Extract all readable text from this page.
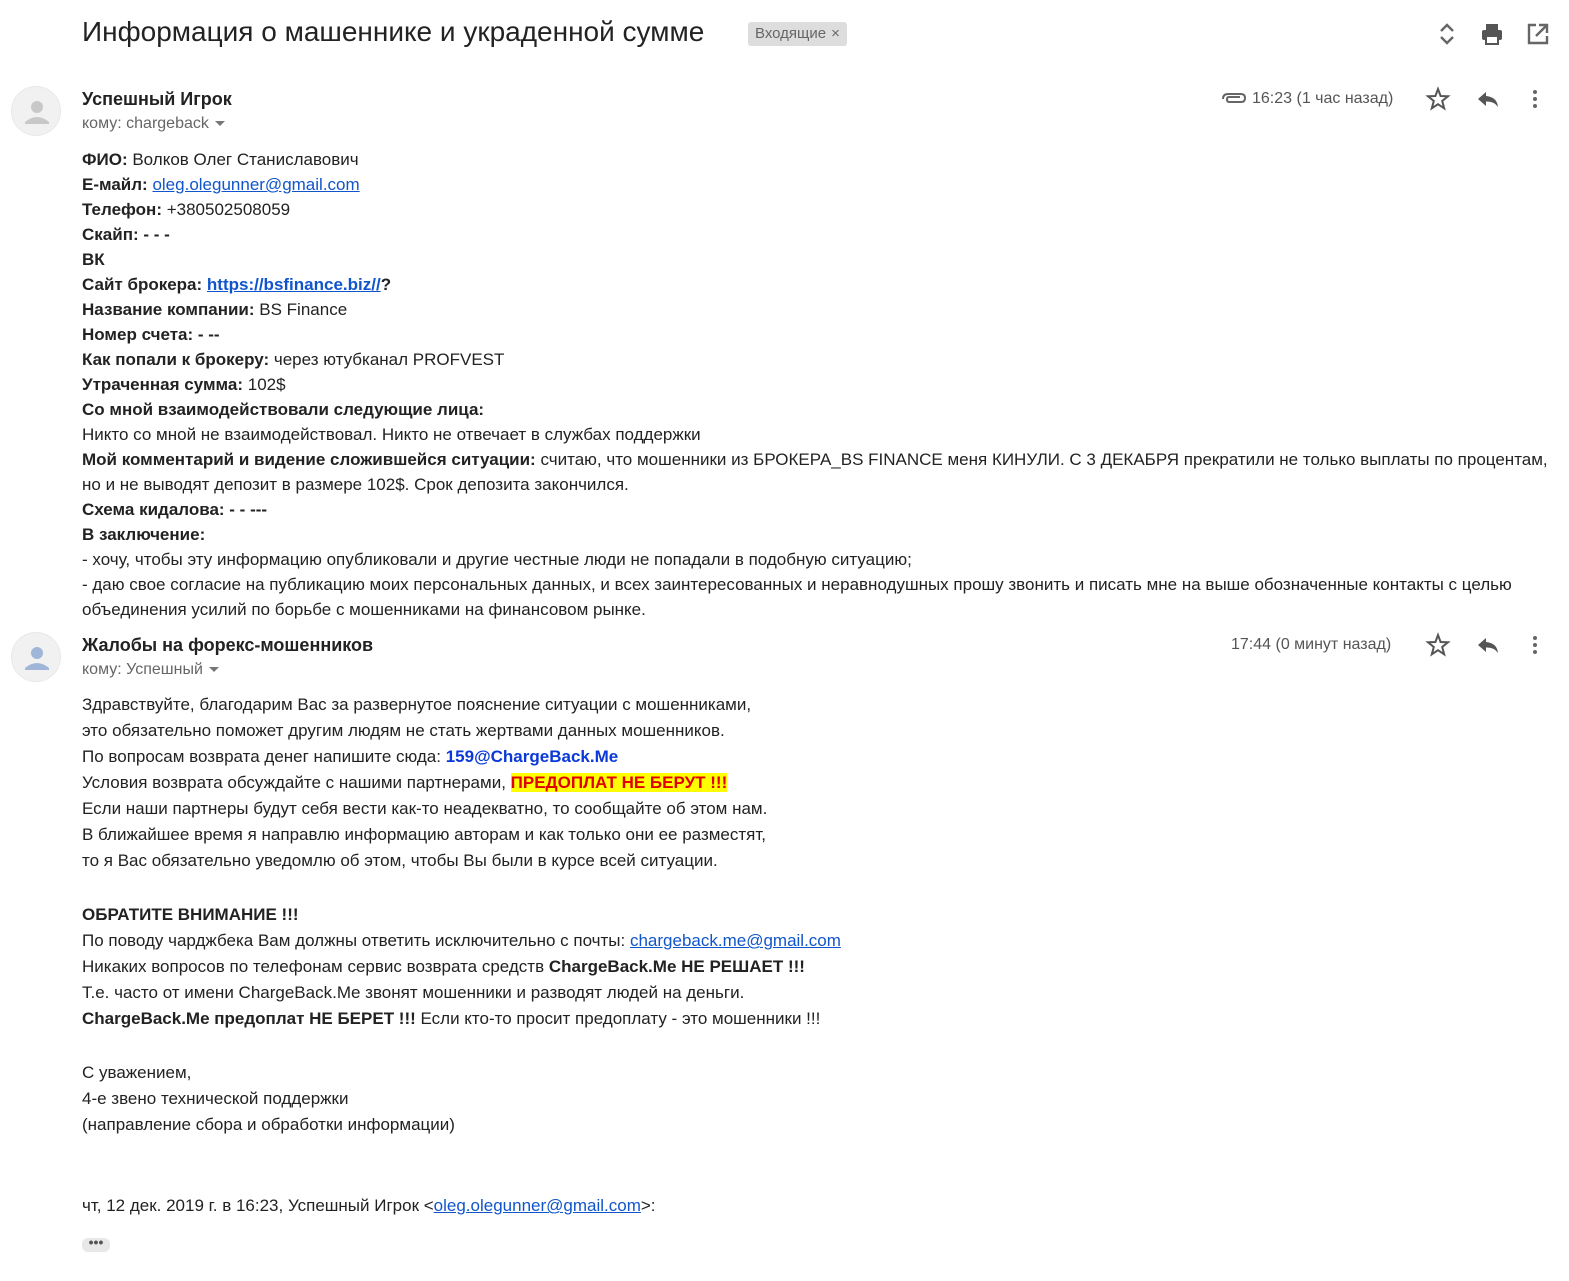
Информация о машеннике и украденной сумме	Входящие ×
Успешный Игрок
кому: chargeback
16:23 (1 час назад)
ФИО: Волков Олег Станиславович
Е-майл: oleg.olegunner@gmail.com
Телефон: +380502508059
Скайп: - - -
ВК
Сайт брокера: https://bsfinance.biz//?
Название компании: BS Finance
Номер счета: - --
Как попали к брокеру: через ютубканал PROFVEST
Утраченная сумма: 102$
Со мной взаимодействовали следующие лица:
Никто со мной не взаимодействовал. Никто не отвечает в службах поддержки
Мой комментарий и видение сложившейся ситуации: считаю, что мошенники из БРОКЕРА_BS FINANCE меня КИНУЛИ. С 3 ДЕКАБРЯ прекратили не только выплаты по процентам, но и не выводят депозит в размере 102$. Срок депозита закончился.
Схема кидалова: - - ---
В заключение:
- хочу, чтобы эту информацию опубликовали и другие честные люди не попадали в подобную ситуацию;
- даю свое согласие на публикацию моих персональных данных, и всех заинтересованных и неравнодушных прошу звонить и писать мне на выше обозначенные контакты с целью объединения усилий по борьбе с мошенниками на финансовом рынке.
Жалобы на форекс-мошенников
кому: Успешный
17:44 (0 минут назад)
Здравствуйте, благодарим Вас за развернутое пояснение ситуации с мошенниками,
это обязательно поможет другим людям не стать жертвами данных мошенников.
По вопросам возврата денег напишите сюда: 159@ChargeBack.Me
Условия возврата обсуждайте с нашими партнерами, ПРЕДОПЛАТ НЕ БЕРУТ !!!
Если наши партнеры будут себя вести как-то неадекватно, то сообщайте об этом нам.
В ближайшее время я направлю информацию авторам и как только они ее разместят,
то я Вас обязательно уведомлю об этом, чтобы Вы были в курсе всей ситуации.
ОБРАТИТЕ ВНИМАНИЕ !!!
По поводу чарджбека Вам должны ответить исключительно с почты: chargeback.me@gmail.com
Никаких вопросов по телефонам сервис возврата средств ChargeBack.Me НЕ РЕШАЕТ !!!
Т.е. часто от имени ChargeBack.Me звонят мошенники и разводят людей на деньги.
ChargeBack.Me предоплат НЕ БЕРЕТ !!! Если кто-то просит предоплату - это мошенники !!!
С уважением,
4-е звено технической поддержки
(направление сбора и обработки информации)
чт, 12 дек. 2019 г. в 16:23, Успешный Игрок <oleg.olegunner@gmail.com>:
•••
